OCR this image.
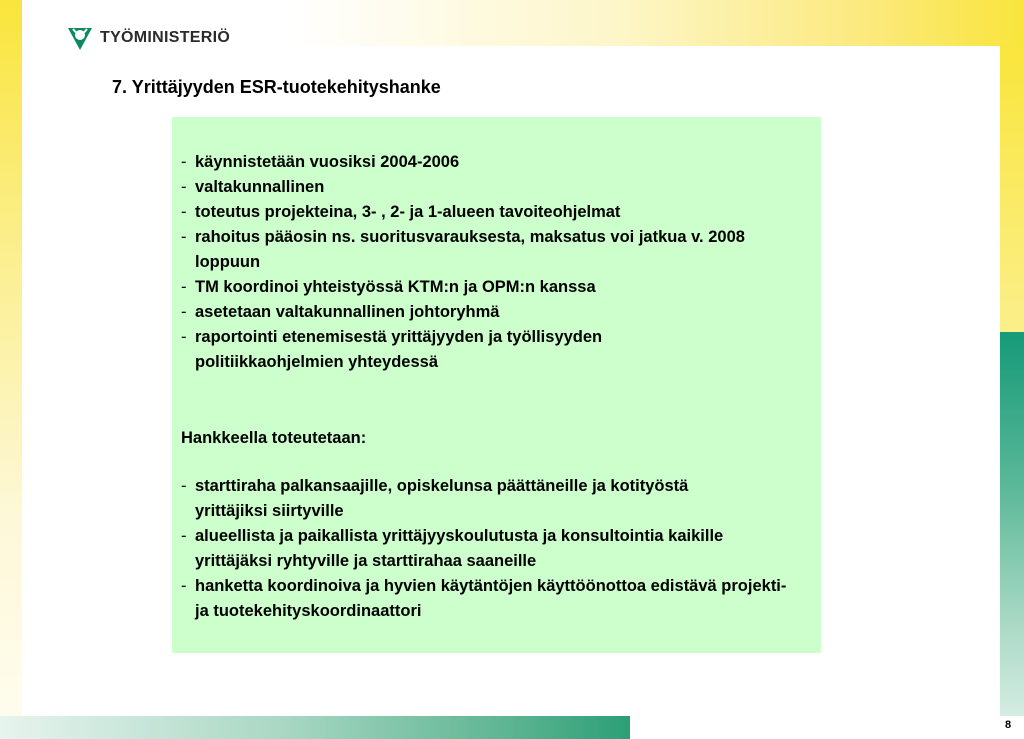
TYÖMINISTERIÖ
7. Yrittäjyyden ESR-tuotekehityshanke
- käynnistetään vuosiksi 2004-2006
- valtakunnallinen
- toteutus projekteina, 3- , 2- ja 1-alueen tavoiteohjelmat
- rahoitus pääosin ns. suoritusvarauksesta, maksatus voi jatkua v. 2008 loppuun
- TM koordinoi yhteistyössä KTM:n ja OPM:n kanssa
- asetetaan valtakunnallinen johtoryhmä
- raportointi etenemisestä yrittäjyyden ja työllisyyden politiikkaohjelmien yhteydessä

Hankkeella toteutetaan:

- starttiraha palkansaajille, opiskelunsa päättäneille ja kotityöstä yrittäjiksi siirtyville
- alueellista ja paikallista yrittäjyyskoulutusta ja konsultointia kaikille yrittäjäksi ryhtyville ja starttirahaa saaneille
- hanketta koordinoiva ja hyvien käytäntöjen käyttöönottoa edistävä projekti- ja tuotekehityskoordinaattori
8
